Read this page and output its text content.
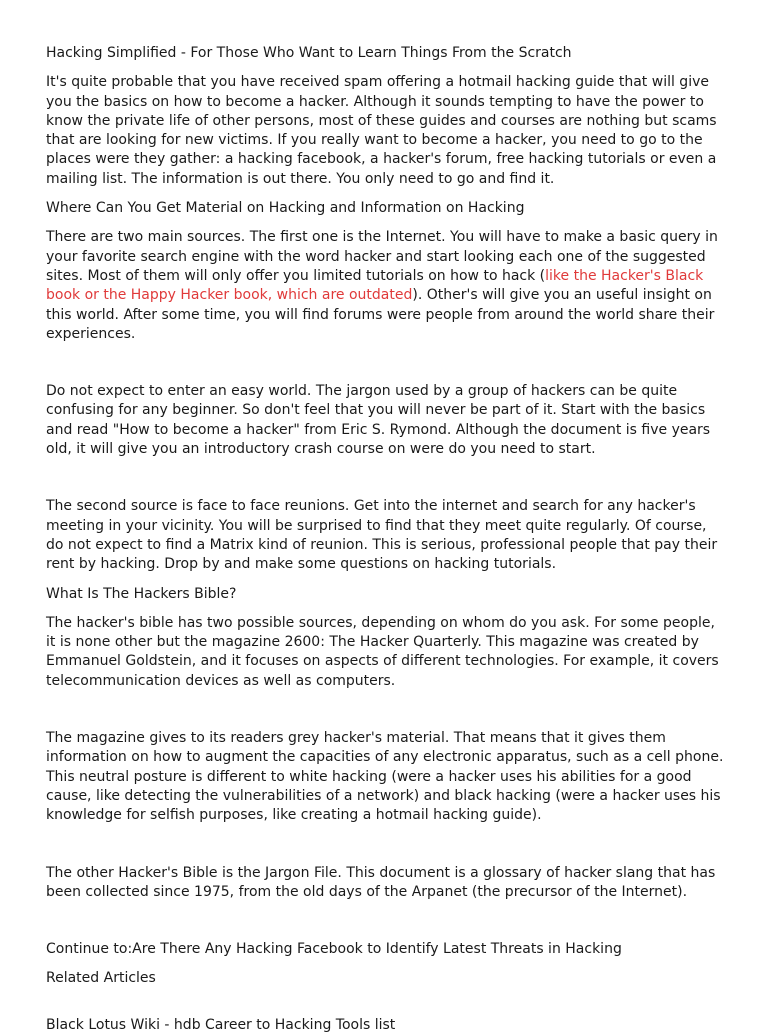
Hacking Simplified - For Those Who Want to Learn Things From the Scratch

It's quite probable that you have received spam offering a hotmail hacking guide that will give you the basics on how to become a hacker. Although it sounds tempting to have the power to know the private life of other persons, most of these guides and courses are nothing but scams that are looking for new victims. If you really want to become a hacker, you need to go to the places were they gather: a hacking facebook, a hacker's forum, free hacking tutorials or even a mailing list. The information is out there. You only need to go and find it.

Where Can You Get Material on Hacking and Information on Hacking

There are two main sources. The first one is the Internet. You will have to make a basic query in your favorite search engine with the word hacker and start looking each one of the suggested sites. Most of them will only offer you limited tutorials on how to hack (like the Hacker's Black book or the Happy Hacker book, which are outdated). Other's will give you an useful insight on this world. After some time, you will find forums were people from around the world share their experiences.

Do not expect to enter an easy world. The jargon used by a group of hackers can be quite confusing for any beginner. So don't feel that you will never be part of it. Start with the basics and read "How to become a hacker" from Eric S. Rymond. Although the document is five years old, it will give you an introductory crash course on were do you need to start.

The second source is face to face reunions. Get into the internet and search for any hacker's meeting in your vicinity. You will be surprised to find that they meet quite regularly. Of course, do not expect to find a Matrix kind of reunion. This is serious, professional people that pay their rent by hacking. Drop by and make some questions on hacking tutorials.

What Is The Hackers Bible?

The hacker's bible has two possible sources, depending on whom do you ask. For some people, it is none other but the magazine 2600: The Hacker Quarterly. This magazine was created by Emmanuel Goldstein, and it focuses on aspects of different technologies. For example, it covers telecommunication devices as well as computers.

The magazine gives to its readers grey hacker's material. That means that it gives them information on how to augment the capacities of any electronic apparatus, such as a cell phone. This neutral posture is different to white hacking (were a hacker uses his abilities for a good cause, like detecting the vulnerabilities of a network) and black hacking (were a hacker uses his knowledge for selfish purposes, like creating a hotmail hacking guide).

The other Hacker's Bible is the Jargon File. This document is a glossary of hacker slang that has been collected since 1975, from the old days of the Arpanet (the precursor of the Internet).

Continue to:Are There Any Hacking Facebook to Identify Latest Threats in Hacking

Related Articles

Black Lotus Wiki - hdb Career to Hacking Tools list
